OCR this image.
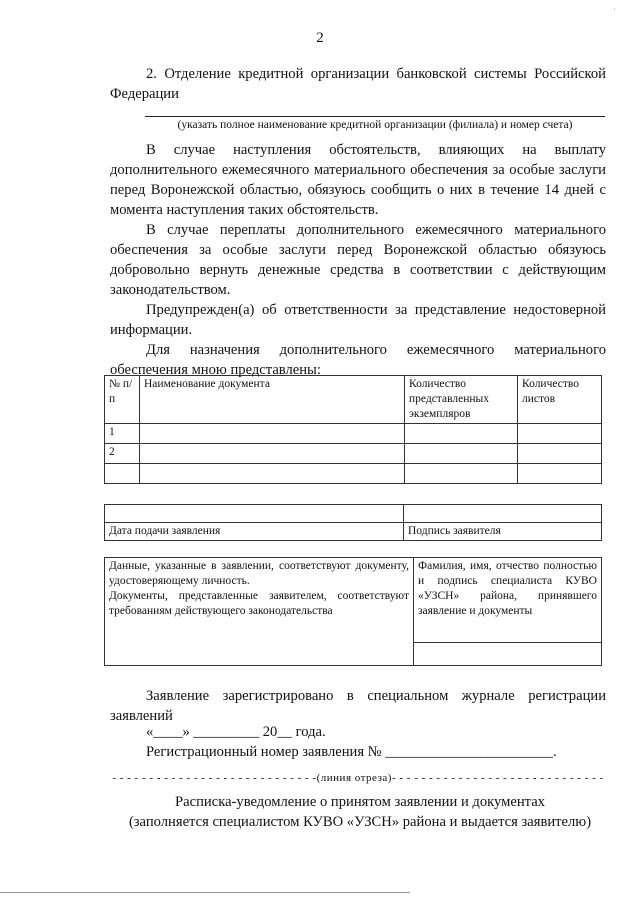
·
2
2. Отделение кредитной организации банковской системы Российской Федерации
(указать полное наименование кредитной организации (филиала) и номер счета)
В случае наступления обстоятельств, влияющих на выплату дополнительного ежемесячного материального обеспечения за особые заслуги перед Воронежской областью, обязуюсь сообщить о них в течение 14 дней с момента наступления таких обстоятельств.
В случае переплаты дополнительного ежемесячного материального обеспечения за особые заслуги перед Воронежской областью обязуюсь добровольно вернуть денежные средства в соответствии с действующим законодательством.
Предупрежден(а) об ответственности за представление недостоверной информации.
Для назначения дополнительного ежемесячного материального обеспечения мною представлены:
№ п/п	Наименование документа	Количество представленных экземпляров	Количество листов
1			
2			

Дата подачи заявления	Подпись заявителя
Данные, указанные в заявлении, соответствуют документу, удостоверяющему личность.
Документы, представленные заявителем, соответствуют требованиям действующего законодательства
	Фамилия, имя, отчество полностью и подпись специалиста КУВО «УЗСН» района, принявшего заявление и документы

Заявление зарегистрировано в специальном журнале регистрации заявлений
«____» _________ 20__ года.
Регистрационный номер заявления № _______________________.
- - - - - - - - - - - - - - - - - - - - - - - - - - - -(линия отреза)- - - - - - - - - - - - - - - - - - - - - - - - - - - - -
Расписка-уведомление о принятом заявлении и документах
(заполняется специалистом КУВО «УЗСН» района и выдается заявителю)
